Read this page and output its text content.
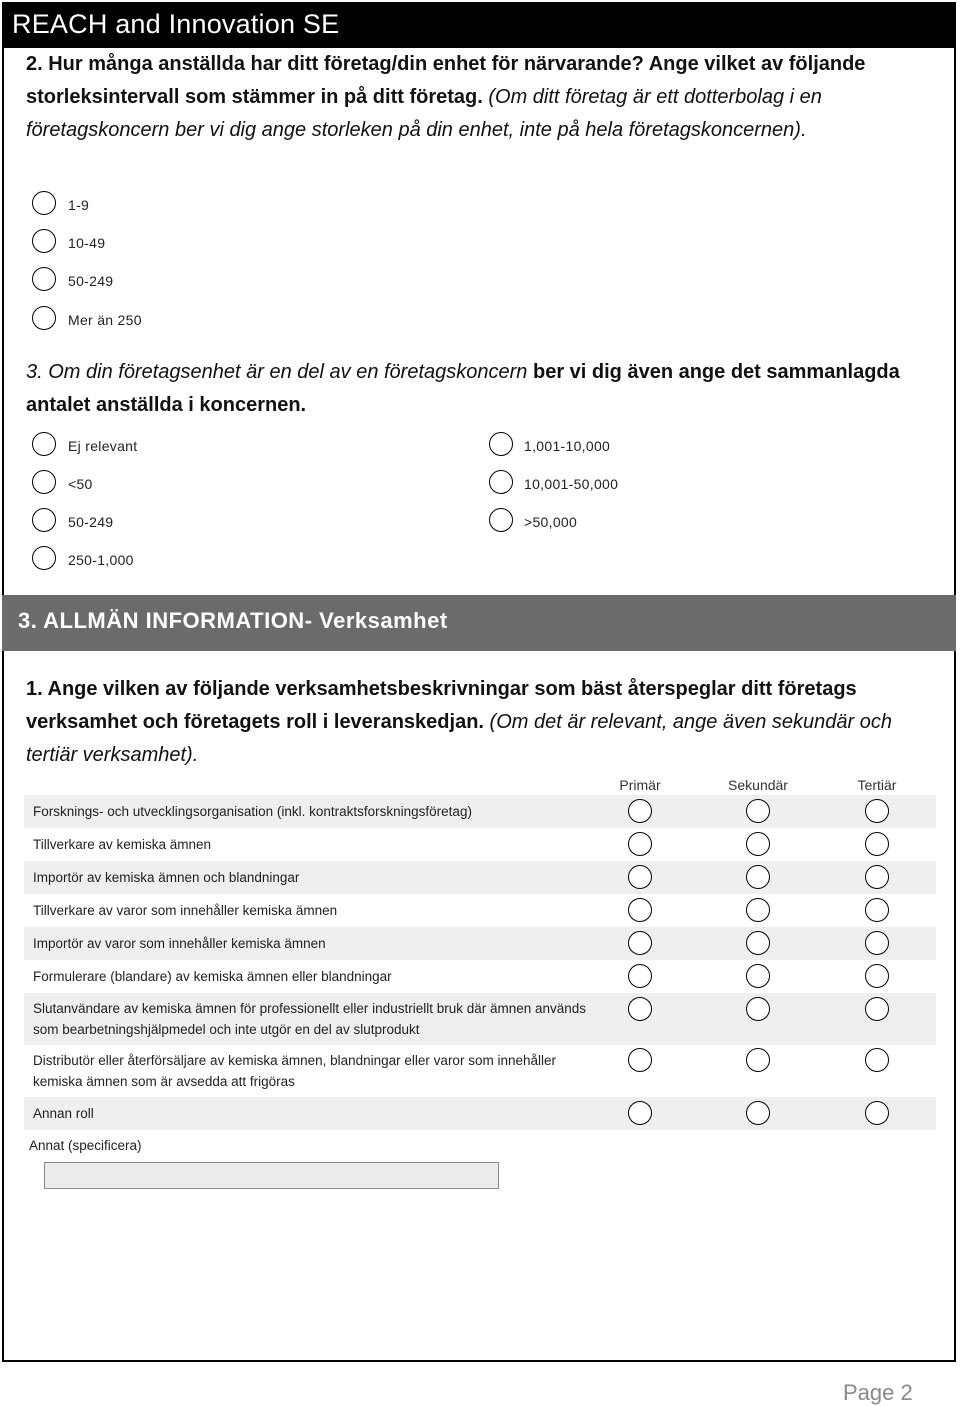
REACH and Innovation SE
2. Hur många anställda har ditt företag/din enhet för närvarande? Ange vilket av följande storleksintervall som stämmer in på ditt företag. (Om ditt företag är ett dotterbolag i en företagskoncern ber vi dig ange storleken på din enhet, inte på hela företagskoncernen).
1-9
10-49
50-249
Mer än 250
3. Om din företagsenhet är en del av en företagskoncern ber vi dig även ange det sammanlagda antalet anställda i koncernen.
Ej relevant
<50
50-249
250-1,000
1,001-10,000
10,001-50,000
>50,000
3. ALLMÄN INFORMATION- Verksamhet
1. Ange vilken av följande verksamhetsbeskrivningar som bäst återspeglar ditt företags verksamhet och företagets roll i leveranskedjan. (Om det är relevant, ange även sekundär och tertiär verksamhet).
Primär	Sekundär	Tertiär
Forsknings- och utvecklingsorganisation (inkl. kontraktsforskningsföretag)
Tillverkare av kemiska ämnen
Importör av kemiska ämnen och blandningar
Tillverkare av varor som innehåller kemiska ämnen
Importör av varor som innehåller kemiska ämnen
Formulerare (blandare) av kemiska ämnen eller blandningar
Slutanvändare av kemiska ämnen för professionellt eller industriellt bruk där ämnen används som bearbetningshjälpmedel och inte utgör en del av slutprodukt
Distributör eller återförsäljare av kemiska ämnen, blandningar eller varor som innehåller kemiska ämnen som är avsedda att frigöras
Annan roll
Annat (specificera)
Page 2
